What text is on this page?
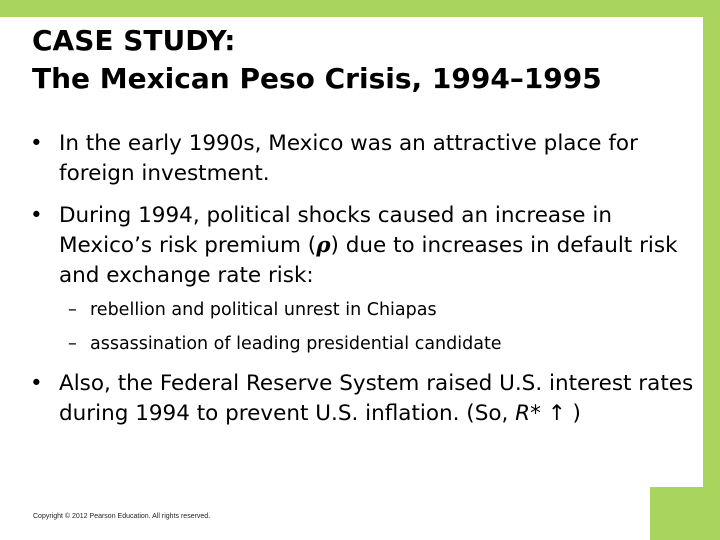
CASE STUDY:
The Mexican Peso Crisis, 1994–1995
• In the early 1990s, Mexico was an attractive place for foreign investment.
• During 1994, political shocks caused an increase in Mexico’s risk premium (ρ) due to increases in default risk and exchange rate risk:
– rebellion and political unrest in Chiapas
– assassination of leading presidential candidate
• Also, the Federal Reserve System raised U.S. interest rates during 1994 to prevent U.S. inflation. (So, R* ↑ )
Copyright © 2012 Pearson Education. All rights reserved.
